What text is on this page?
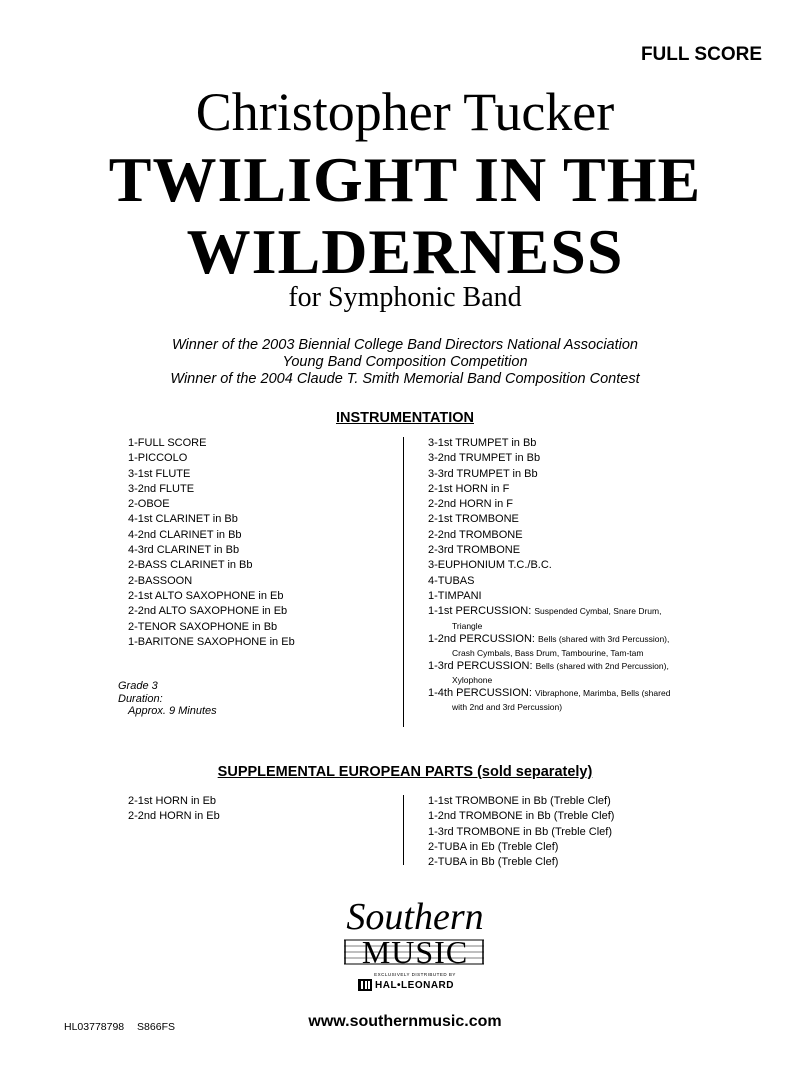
FULL SCORE
Christopher Tucker
TWILIGHT IN THE
WILDERNESS
for Symphonic Band
Winner of the 2003 Biennial College Band Directors National Association
Young Band Composition Competition
Winner of the 2004 Claude T. Smith Memorial Band Composition Contest
INSTRUMENTATION
1-FULL SCORE
1-PICCOLO
3-1st FLUTE
3-2nd FLUTE
2-OBOE
4-1st CLARINET in Bb
4-2nd CLARINET in Bb
4-3rd CLARINET in Bb
2-BASS CLARINET in Bb
2-BASSOON
2-1st ALTO SAXOPHONE in Eb
2-2nd ALTO SAXOPHONE in Eb
2-TENOR SAXOPHONE in Bb
1-BARITONE SAXOPHONE in Eb
3-1st TRUMPET in Bb
3-2nd TRUMPET in Bb
3-3rd TRUMPET in Bb
2-1st HORN in F
2-2nd HORN in F
2-1st TROMBONE
2-2nd TROMBONE
2-3rd TROMBONE
3-EUPHONIUM T.C./B.C.
4-TUBAS
1-TIMPANI
1-1st PERCUSSION: Suspended Cymbal, Snare Drum,
Triangle
1-2nd PERCUSSION: Bells (shared with 3rd Percussion),
Crash Cymbals, Bass Drum, Tambourine, Tam-tam
1-3rd PERCUSSION: Bells (shared with 2nd Percussion),
Xylophone
1-4th PERCUSSION: Vibraphone, Marimba, Bells (shared
with 2nd and 3rd Percussion)
Grade 3
Duration:
Approx. 9 Minutes
SUPPLEMENTAL EUROPEAN PARTS (sold separately)
2-1st HORN in Eb
2-2nd HORN in Eb
1-1st TROMBONE in Bb (Treble Clef)
1-2nd TROMBONE in Bb (Treble Clef)
1-3rd TROMBONE in Bb (Treble Clef)
2-TUBA in Eb (Treble Clef)
2-TUBA in Bb (Treble Clef)
Southern
MUSIC
EXCLUSIVELY DISTRIBUTED BY
HAL•LEONARD
www.southernmusic.com
HL03778798 S866FS
